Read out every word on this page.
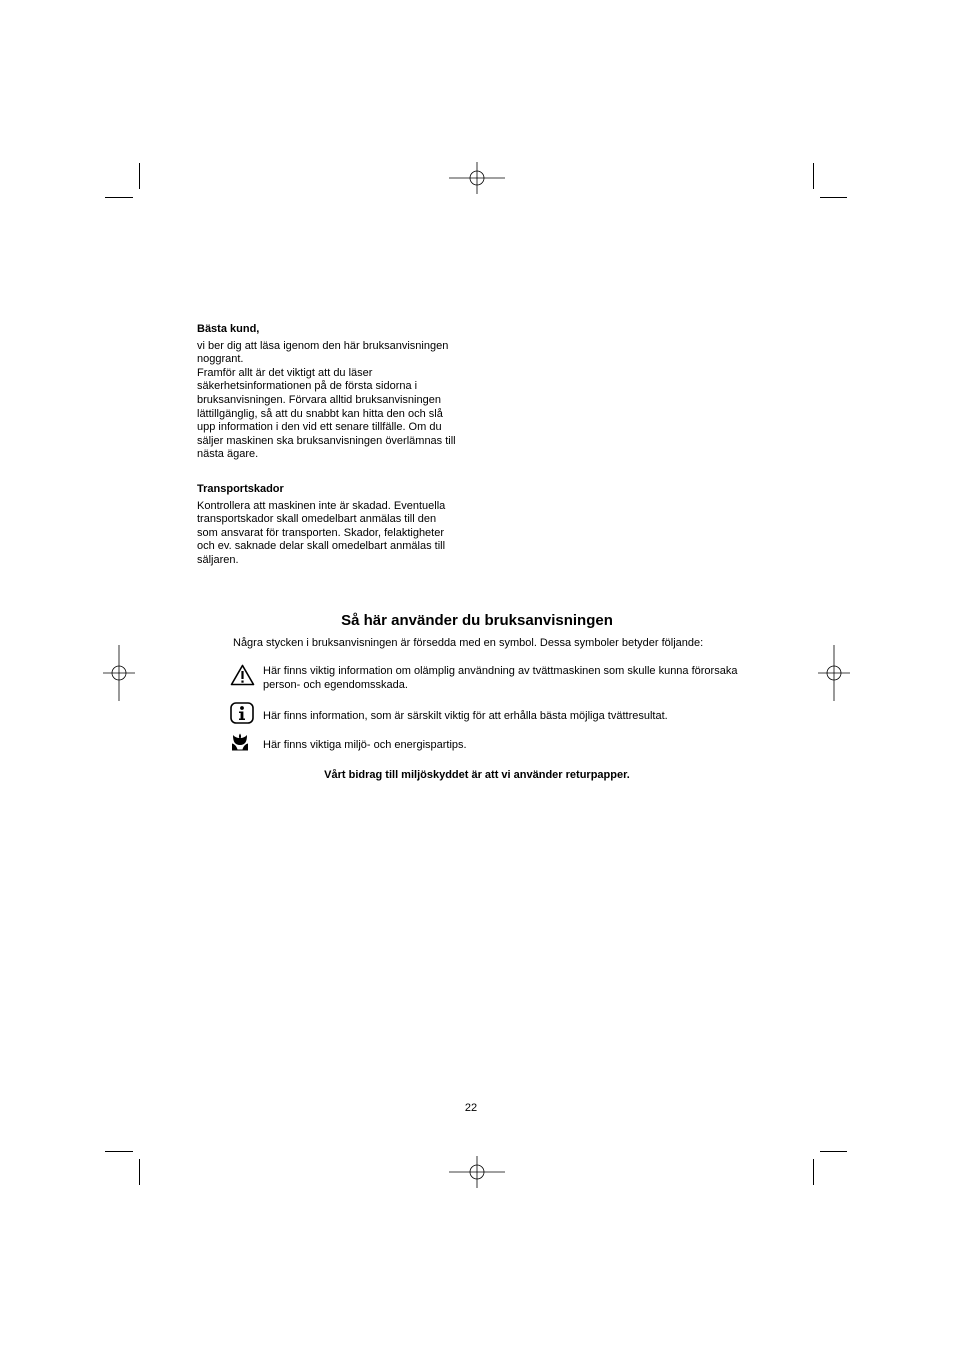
Bästa kund,

vi ber dig att läsa igenom den här bruksanvisningen
noggrant.
Framför allt är det viktigt att du läser
säkerhetsinformationen på de första sidorna i
bruksanvisningen. Förvara alltid bruksanvisningen
lättillgänglig, så att du snabbt kan hitta den och slå
upp information i den vid ett senare tillfälle. Om du
säljer maskinen ska bruksanvisningen överlämnas till
nästa ägare.

Transportskador

Kontrollera att maskinen inte är skadad. Eventuella
transportskador skall omedelbart anmälas till den
som ansvarat för transporten. Skador, felaktigheter
och ev. saknade delar skall omedelbart anmälas till
säljaren.

Så här använder du bruksanvisningen

Några stycken i bruksanvisningen är försedda med en symbol. Dessa symboler betyder följande:

Här finns viktig information om olämplig användning av tvättmaskinen som skulle kunna förorsaka person- och egendomsskada.

Här finns information, som är särskilt viktig för att erhålla bästa möjliga tvättresultat.

Här finns viktiga miljö- och energispartips.

Vårt bidrag till miljöskyddet är att vi använder returpapper.

22
